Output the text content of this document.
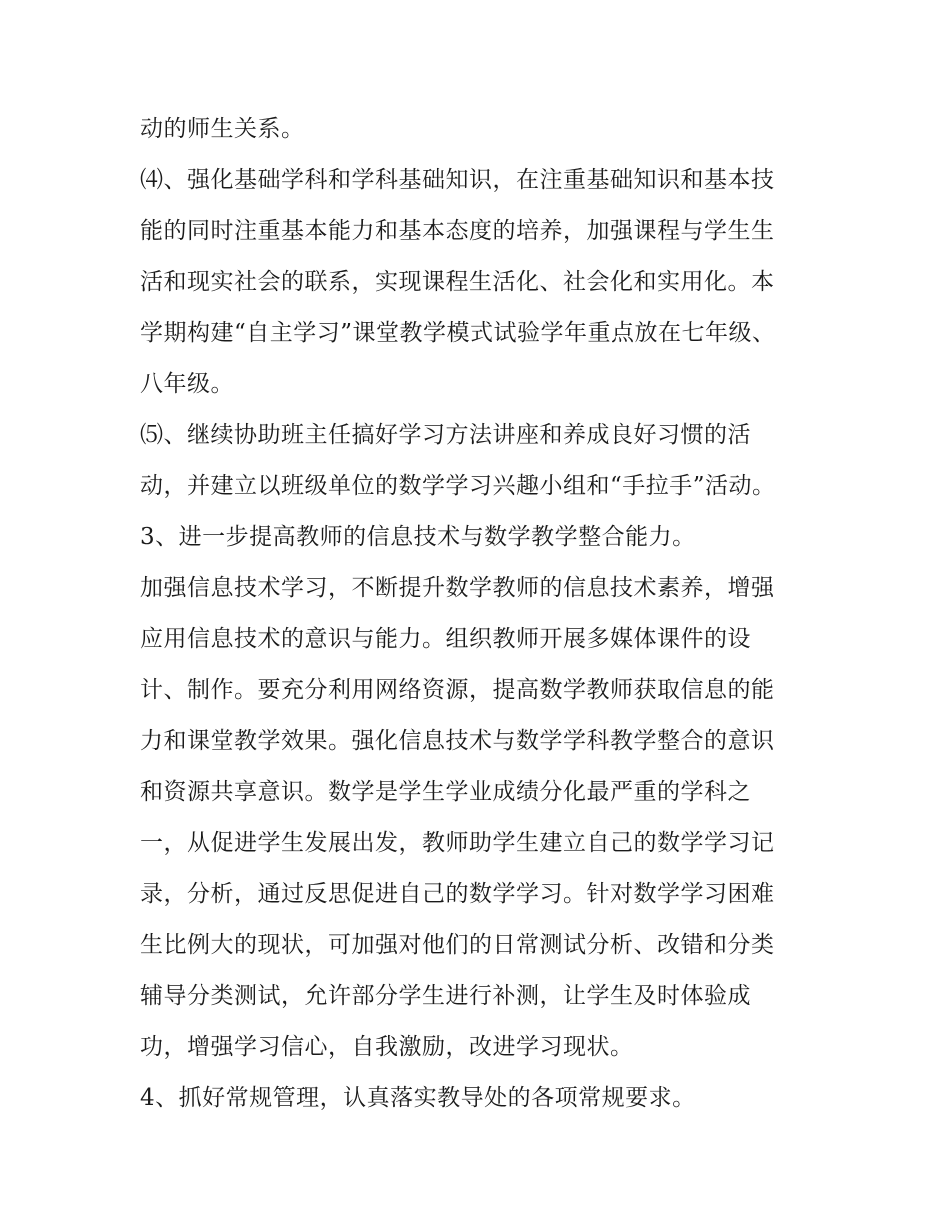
动的师生关系。
⑷、强化基础学科和学科基础知识，在注重基础知识和基本技
能的同时注重基本能力和基本态度的培养，加强课程与学生生
活和现实社会的联系，实现课程生活化、社会化和实用化。本
学期构建“自主学习”课堂教学模式试验学年重点放在七年级、
八年级。
⑸、继续协助班主任搞好学习方法讲座和养成良好习惯的活
动，并建立以班级单位的数学学习兴趣小组和“手拉手”活动。
3、进一步提高教师的信息技术与数学教学整合能力。
加强信息技术学习，不断提升数学教师的信息技术素养，增强
应用信息技术的意识与能力。组织教师开展多媒体课件的设
计、制作。要充分利用网络资源，提高数学教师获取信息的能
力和课堂教学效果。强化信息技术与数学学科教学整合的意识
和资源共享意识。数学是学生学业成绩分化最严重的学科之
一，从促进学生发展出发，教师助学生建立自己的数学学习记
录，分析，通过反思促进自己的数学学习。针对数学学习困难
生比例大的现状，可加强对他们的日常测试分析、改错和分类
辅导分类测试，允许部分学生进行补测，让学生及时体验成
功，增强学习信心，自我激励，改进学习现状。
4、抓好常规管理，认真落实教导处的各项常规要求。
